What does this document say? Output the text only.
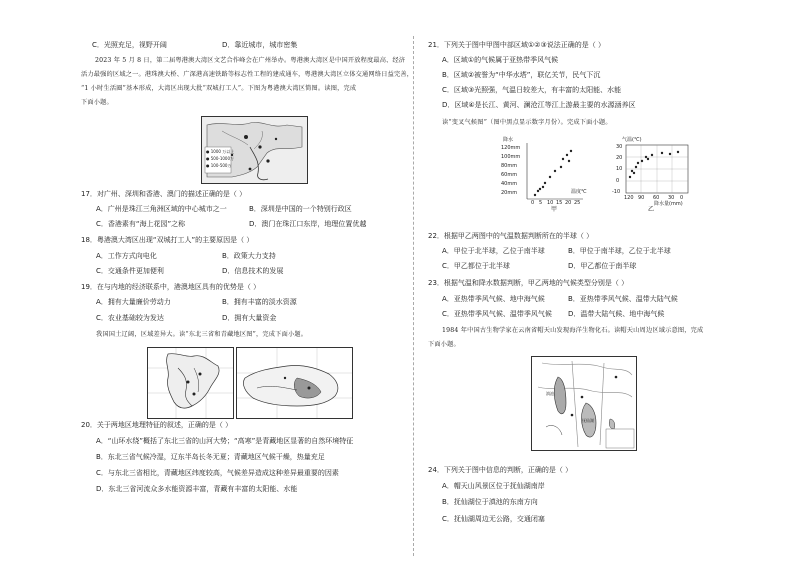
C．光照充足，视野开阔	D．靠近城市，城市密集
2023 年 5 月 8 日，第二届粤港澳大湾区文艺合作峰会在广州举办。粤港澳大湾区是中国开放程度最高、经济
活力最强的区域之一。港珠澳大桥、广深港高速铁路等标志性工程的建成通车，粤港澳大湾区立体交通网络日益完善，
“1 小时生活圈”基本形成，大湾区出现大批“双城打工人”。下图为粤港澳大湾区简图。读图，完成
下面小题。
● 1000 万以上
● 500-1000万
● 100-500万
17．对广州、深圳和香港、澳门的描述正确的是（ ）
A．广州是珠江三角洲区域的中心城市之一	B．深圳是中国的一个特别行政区
C．香港素有“海上花园”之称	D．澳门在珠江口东岸，地理位置优越
18．粤港澳大湾区出现“双城打工人”的主要原因是（ ）
A．工作方式向电化	B．政策大力支持
C．交通条件更加便利	D．信息技术的发展
19．在与内地的经济联系中，港澳地区具有的优势是（ ）
A．拥有大量廉价劳动力	B．拥有丰富的淡水资源
C．农业基础较为发达	D．拥有大量资金
我国国土辽阔，区域差异大。读“东北三省和青藏地区图”，完成下面小题。
20．关于两地区地理特征的叙述，正确的是（ ）
A．“山环水绕”概括了东北三省的山河大势；“高寒”是青藏地区显著的自然环境特征
B．东北三省气候冷湿，辽东半岛长冬无夏；青藏地区气候干燥，热量充足
C．与东北三省相比，青藏地区纬度较高，气候差异造成这种差异最重要的因素
D．东北三省河流众多水能资源丰富，青藏有丰富的太阳能、水能
21．下列关于图中甲图中部区域①②③说法正确的是（ ）
A．区域①的气候属于亚热带季风气候
B．区域②被誉为“中华水塔”，联亿关节，民气下沉
C．区域③光照强，气温日较差大，有丰富的太阳能、水能
D．区域④是长江、黄河、澜沧江等江上游最主要的水源涵养区
读“变叉气候图”（图中黑点显示数字月份）。完成下面小题。
降水
120mm
100mm
80mm
60mm
40mm
20mm
0 5 10 15 20 25
温度℃
甲
气温(℃)
30
20
10
0
-10
120 90 60 30 0
降水量(mm)
乙
22．根据甲乙两图中的气温数据判断所在的半球（ ）
A．甲位于北半球，乙位于南半球	B．甲位于南半球，乙位于北半球
C．甲乙都位于北半球	D．甲乙都位于南半球
23．根据气温和降水数据判断，甲乙两地的气候类型分别是（ ）
A．亚热带季风气候、地中海气候	B．亚热带季风气候、温带大陆气候
C．亚热带季风气候、温带季风气候 D．温带大陆气候、地中海气候
1984 年中国古生物学家在云南省帽天山发现海洋生物化石。读帽天山周边区域示意图，完成
下面小题。
滇池
抚仙湖
24．下列关于图中信息的判断，正确的是（ ）
A．帽天山风景区位于抚仙湖南岸
B．抚仙湖位于滇池的东南方向
C．抚仙湖周边无公路，交通闭塞
